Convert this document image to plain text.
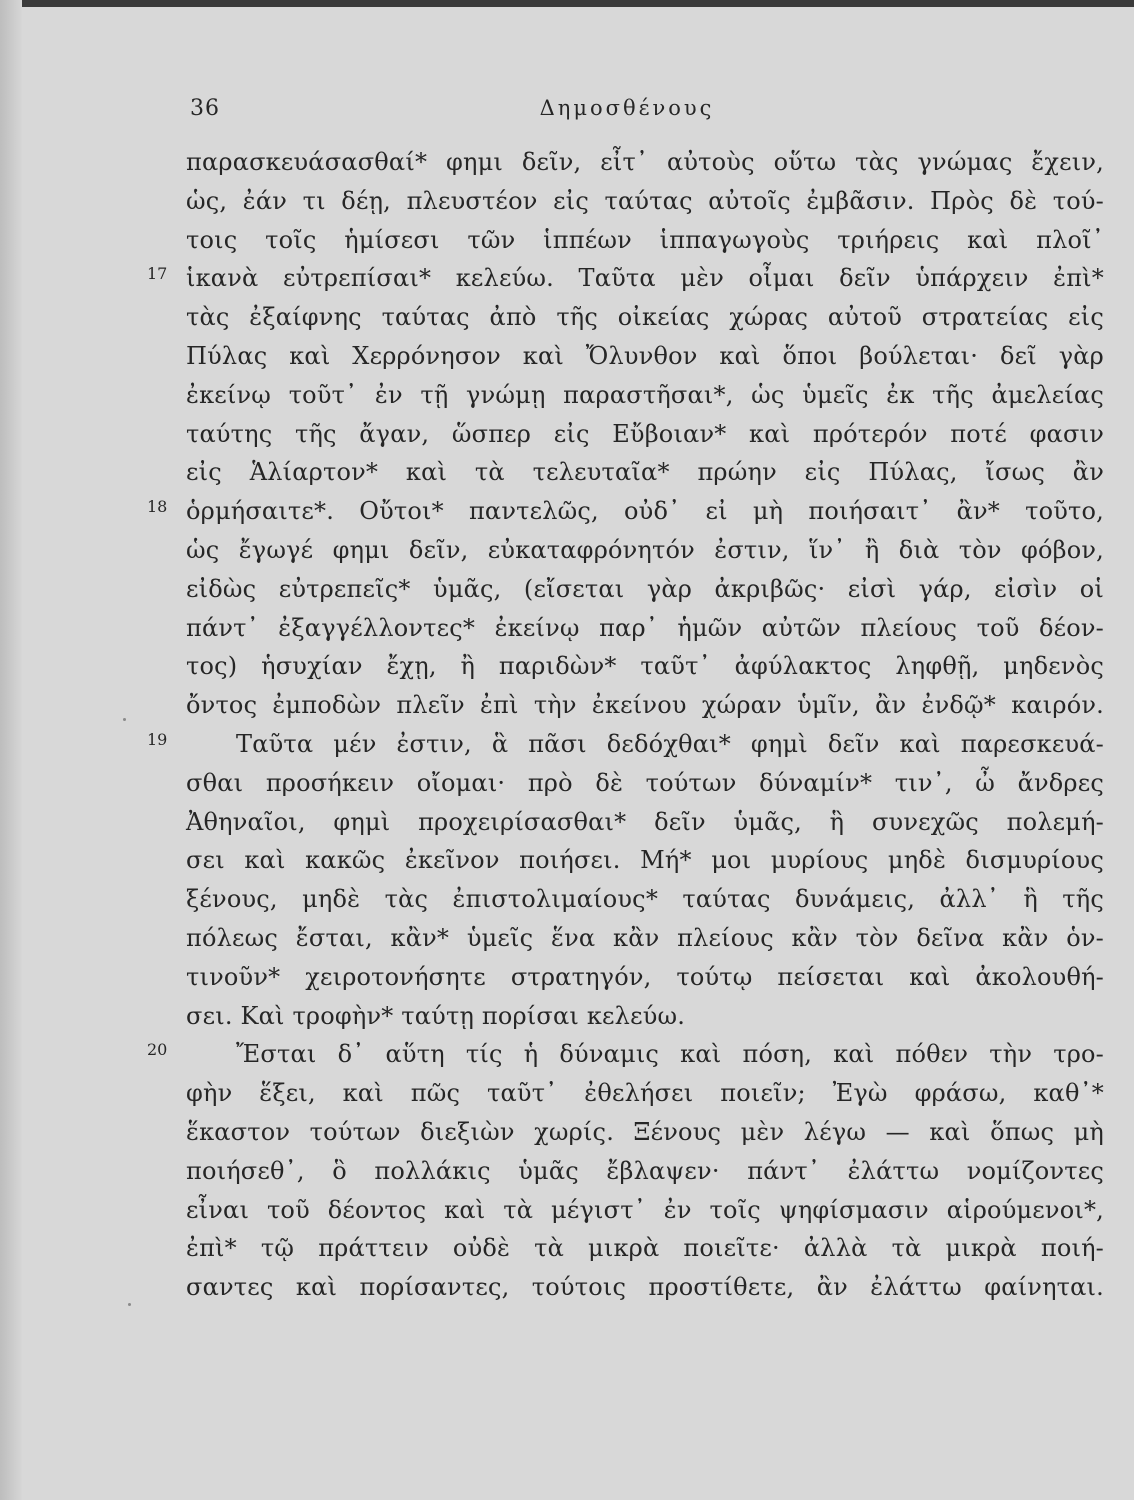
36	Δημοσθένους
παρασκευάσασθαί* φημι δεῖν, εἶτ᾽ αὐτοὺς οὕτω τὰς γνώμας ἔχειν,
ὡς, ἐάν τι δέῃ, πλευστέον εἰς ταύτας αὐτοῖς ἐμβᾶσιν. Πρὸς δὲ τού-
τοις τοῖς ἡμίσεσι τῶν ἱππέων ἱππαγωγοὺς τριήρεις καὶ πλοῖ᾽
17 ἱκανὰ εὐτρεπίσαι* κελεύω. Ταῦτα μὲν οἶμαι δεῖν ὑπάρχειν ἐπὶ*
τὰς ἐξαίφνης ταύτας ἀπὸ τῆς οἰκείας χώρας αὐτοῦ στρατείας εἰς
Πύλας καὶ Χερρόνησον καὶ Ὄλυνθον καὶ ὅποι βούλεται· δεῖ γὰρ
ἐκείνῳ τοῦτ᾽ ἐν τῇ γνώμῃ παραστῆσαι*, ὡς ὑμεῖς ἐκ τῆς ἀμελείας
ταύτης τῆς ἄγαν, ὥσπερ εἰς Εὔβοιαν* καὶ πρότερόν ποτέ φασιν
εἰς Ἁλίαρτον* καὶ τὰ τελευταῖα* πρώην εἰς Πύλας, ἴσως ἂν
18 ὁρμήσαιτε*. Οὔτοι* παντελῶς, οὐδ᾽ εἰ μὴ ποιήσαιτ᾽ ἂν* τοῦτο,
ὡς ἔγωγέ φημι δεῖν, εὐκαταφρόνητόν ἐστιν, ἵν᾽ ἢ διὰ τὸν φόβον,
εἰδὼς εὐτρεπεῖς* ὑμᾶς, (εἴσεται γὰρ ἀκριβῶς· εἰσὶ γάρ, εἰσὶν οἱ
πάντ᾽ ἐξαγγέλλοντες* ἐκείνῳ παρ᾽ ἡμῶν αὐτῶν πλείους τοῦ δέον-
τος) ἡσυχίαν ἔχῃ, ἢ παριδὼν* ταῦτ᾽ ἀφύλακτος ληφθῇ, μηδενὸς
ὄντος ἐμποδὼν πλεῖν ἐπὶ τὴν ἐκείνου χώραν ὑμῖν, ἂν ἐνδῷ* καιρόν.
19	Ταῦτα μέν ἐστιν, ἃ πᾶσι δεδόχθαι* φημὶ δεῖν καὶ παρεσκευά-
σθαι προσήκειν οἴομαι· πρὸ δὲ τούτων δύναμίν* τιν᾽, ὦ ἄνδρες
Ἀθηναῖοι, φημὶ προχειρίσασθαι* δεῖν ὑμᾶς, ἣ συνεχῶς πολεμή-
σει καὶ κακῶς ἐκεῖνον ποιήσει. Μή* μοι μυρίους μηδὲ δισμυρίους
ξένους, μηδὲ τὰς ἐπιστολιμαίους* ταύτας δυνάμεις, ἀλλ᾽ ἣ τῆς
πόλεως ἔσται, κἂν* ὑμεῖς ἕνα κἂν πλείους κἂν τὸν δεῖνα κἂν ὁν-
τινοῦν* χειροτονήσητε στρατηγόν, τούτῳ πείσεται καὶ ἀκολουθή-
σει. Καὶ τροφὴν* ταύτῃ πορίσαι κελεύω.
20	Ἔσται δ᾽ αὕτη τίς ἡ δύναμις καὶ πόση, καὶ πόθεν τὴν τρο-
φὴν ἕξει, καὶ πῶς ταῦτ᾽ ἐθελήσει ποιεῖν; Ἐγὼ φράσω, καθ᾽*
ἕκαστον τούτων διεξιὼν χωρίς. Ξένους μὲν λέγω — καὶ ὅπως μὴ
ποιήσεθ᾽, ὃ πολλάκις ὑμᾶς ἔβλαψεν· πάντ᾽ ἐλάττω νομίζοντες
εἶναι τοῦ δέοντος καὶ τὰ μέγιστ᾽ ἐν τοῖς ψηφίσμασιν αἱρούμενοι*,
ἐπὶ* τῷ πράττειν οὐδὲ τὰ μικρὰ ποιεῖτε· ἀλλὰ τὰ μικρὰ ποιή-
σαντες καὶ πορίσαντες, τούτοις προστίθετε, ἂν ἐλάττω φαίνηται.
